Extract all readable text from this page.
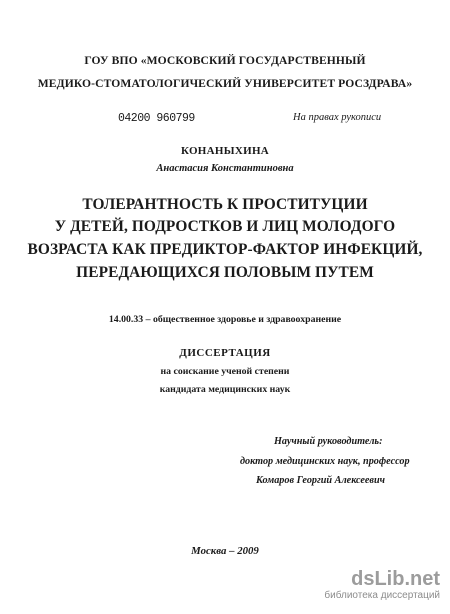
ГОУ ВПО «МОСКОВСКИЙ ГОСУДАРСТВЕННЫЙ
МЕДИКО-СТОМАТОЛОГИЧЕСКИЙ УНИВЕРСИТЕТ РОСЗДРАВА»
04200 960799	На правах рукописи
КОНАНЫХИНА
Анастасия Константиновна
ТОЛЕРАНТНОСТЬ К ПРОСТИТУЦИИ
У ДЕТЕЙ, ПОДРОСТКОВ И ЛИЦ МОЛОДОГО
ВОЗРАСТА КАК ПРЕДИКТОР-ФАКТОР ИНФЕКЦИЙ,
ПЕРЕДАЮЩИХСЯ ПОЛОВЫМ ПУТЕМ
14.00.33 – общественное здоровье и здравоохранение
ДИССЕРТАЦИЯ
на соискание ученой степени
кандидата медицинских наук
Научный руководитель:
доктор медицинских наук, профессор
Комаров Георгий Алексеевич
Москва – 2009
dsLib.net
библиотека диссертаций
